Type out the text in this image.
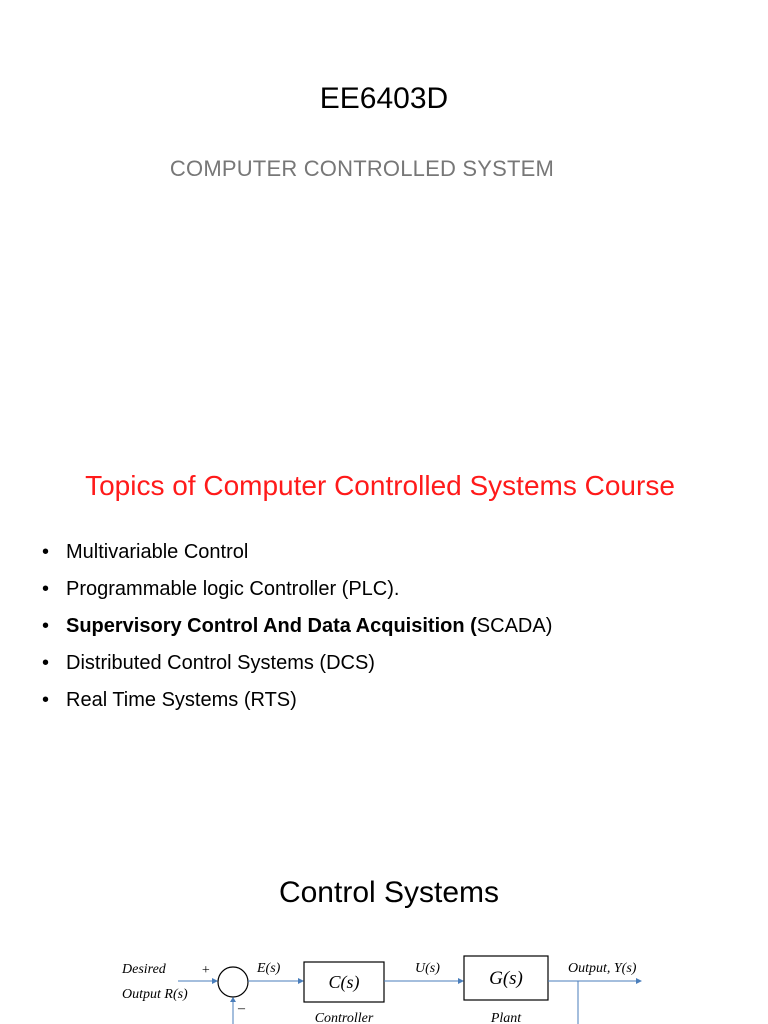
EE6403D
COMPUTER CONTROLLED SYSTEM
Topics of Computer Controlled Systems Course
• Multivariable Control
• Programmable logic Controller (PLC).
• Supervisory Control And Data Acquisition (SCADA)
• Distributed Control Systems (DCS)
• Real Time Systems (RTS)
Control Systems
Desired
Output R(s)
+
–
E(s)
C(s)
Controller
U(s)	G(s)
Plant
Output, Y(s)
